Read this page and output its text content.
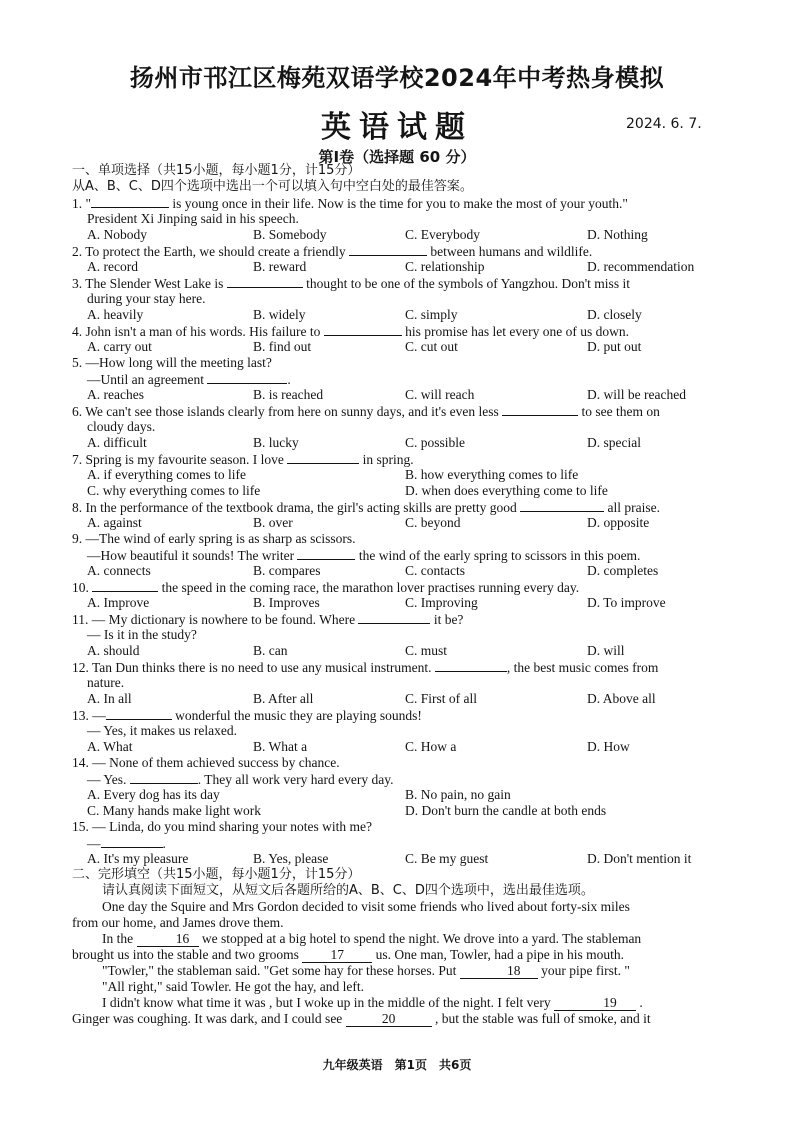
扬州市邗江区梅苑双语学校2024年中考热身模拟
英语试题	2024. 6. 7.
第Ⅰ卷（选择题 60 分）
一、单项选择（共15小题，每小题1分，计15分）
从A、B、C、D四个选项中选出一个可以填入句中空白处的最佳答案。
1. "	is young once in their life. Now is the time for you to make the most of your youth."
President Xi Jinping said in his speech.
A. Nobody	B. Somebody	C. Everybody	D. Nothing
2. To protect the Earth, we should create a friendly	between humans and wildlife.
A. record	B. reward	C. relationship	D. recommendation
3. The Slender West Lake is	thought to be one of the symbols of Yangzhou. Don't miss it
during your stay here.
A. heavily	B. widely	C. simply	D. closely
4. John isn't a man of his words. His failure to	his promise has let every one of us down.
A. carry out	B. find out	C. cut out	D. put out
5. —How long will the meeting last?
—Until an agreement	.
A. reaches	B. is reached	C. will reach	D. will be reached
6. We can't see those islands clearly from here on sunny days, and it's even less	to see them on
cloudy days.
A. difficult	B. lucky	C. possible	D. special
7. Spring is my favourite season. I love	in spring.
A. if everything comes to life	B. how everything comes to life
C. why everything comes to life	D. when does everything come to life
8. In the performance of the textbook drama, the girl's acting skills are pretty good	all praise.
A. against	B. over	C. beyond	D. opposite
9. —The wind of early spring is as sharp as scissors.
—How beautiful it sounds! The writer	the wind of the early spring to scissors in this poem.
A. connects	B. compares	C. contacts	D. completes
10.	the speed in the coming race, the marathon lover practises running every day.
A. Improve	B. Improves	C. Improving	D. To improve
11. — My dictionary is nowhere to be found. Where	it be?
— Is it in the study?
A. should	B. can	C. must	D. will
12. Tan Dun thinks there is no need to use any musical instrument.	, the best music comes from
nature.
A. In all	B. After all	C. First of all	D. Above all
13. —	wonderful the music they are playing sounds!
— Yes, it makes us relaxed.
A. What	B. What a	C. How a	D. How
14. — None of them achieved success by chance.
— Yes.	. They all work very hard every day.
A. Every dog has its day	B. No pain, no gain
C. Many hands make light work	D. Don't burn the candle at both ends
15. — Linda, do you mind sharing your notes with me?
—	.
A. It's my pleasure	B. Yes, please	C. Be my guest	D. Don't mention it
二、完形填空（共15小题，每小题1分，计15分）
请认真阅读下面短文，从短文后各题所给的A、B、C、D四个选项中，选出最佳选项。
One day the Squire and Mrs Gordon decided to visit some friends who lived about forty-six miles
from our home, and James drove them.
In the	16 we stopped at a big hotel to spend the night. We drove into a yard. The stableman
brought us into the stable and two grooms 17 us. One man, Towler, had a pipe in his mouth.
"Towler," the stableman said. "Get some hay for these horses. Put	18 your pipe first. "
"All right," said Towler. He got the hay, and left.
I didn't know what time it was , but I woke up in the middle of the night. I felt very	19 .
Ginger was coughing. It was dark, and I could see	20	, but the stable was full of smoke, and it
九年级英语　第1页　共6页
